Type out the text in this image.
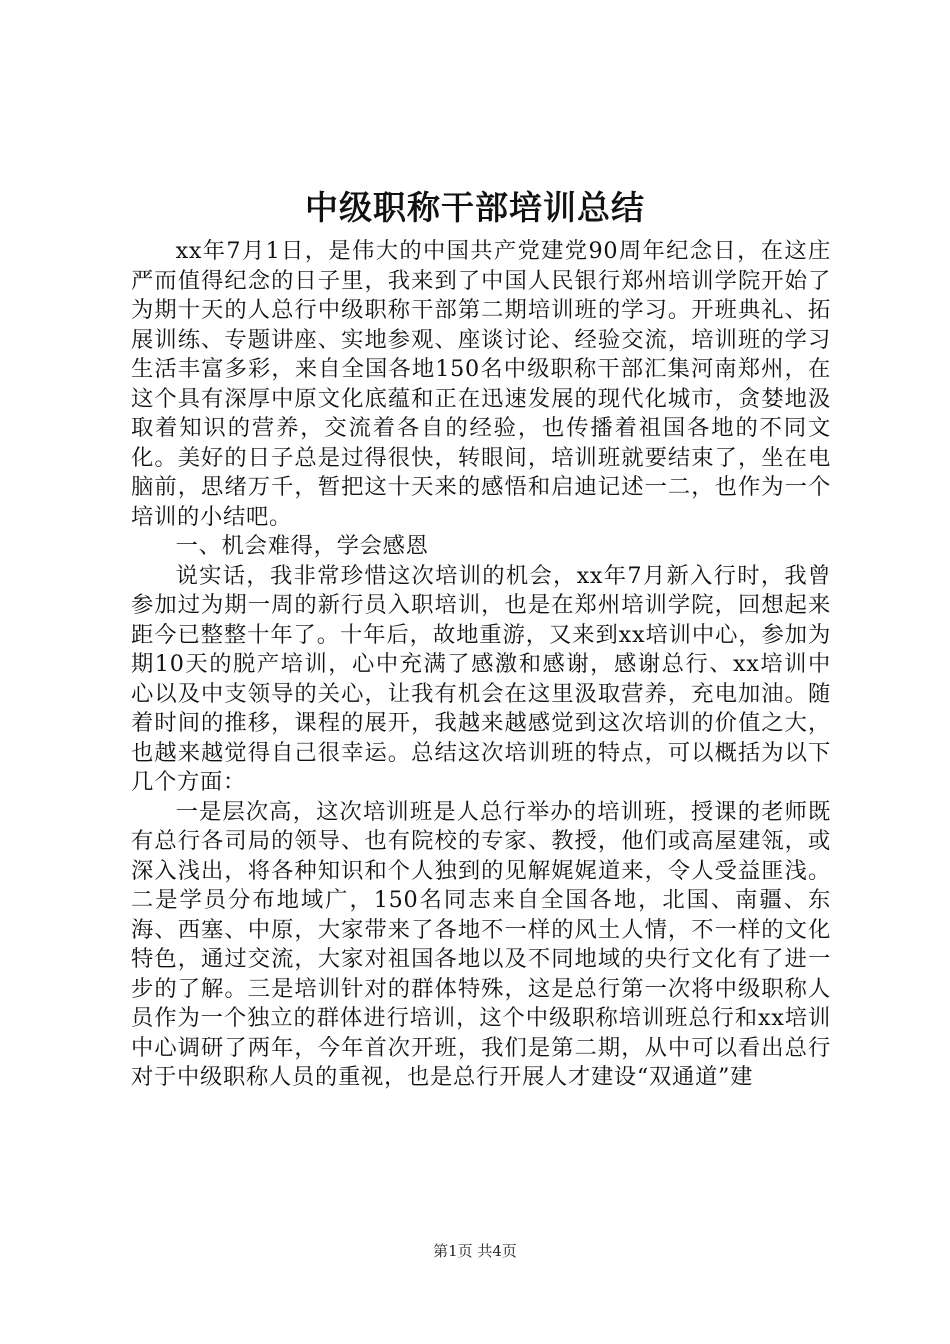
中级职称干部培训总结

xx年7月1日，是伟大的中国共产党建党90周年纪念日，在这庄严而值得纪念的日子里，我来到了中国人民银行郑州培训学院开始了为期十天的人总行中级职称干部第二期培训班的学习。开班典礼、拓展训练、专题讲座、实地参观、座谈讨论、经验交流，培训班的学习生活丰富多彩，来自全国各地150名中级职称干部汇集河南郑州，在这个具有深厚中原文化底蕴和正在迅速发展的现代化城市，贪婪地汲取着知识的营养，交流着各自的经验，也传播着祖国各地的不同文化。美好的日子总是过得很快，转眼间，培训班就要结束了，坐在电脑前，思绪万千，暂把这十天来的感悟和启迪记述一二，也作为一个培训的小结吧。

一、机会难得，学会感恩

说实话，我非常珍惜这次培训的机会，xx年7月新入行时，我曾参加过为期一周的新行员入职培训，也是在郑州培训学院，回想起来距今已整整十年了。十年后，故地重游，又来到xx培训中心，参加为期10天的脱产培训，心中充满了感激和感谢，感谢总行、xx培训中心以及中支领导的关心，让我有机会在这里汲取营养，充电加油。随着时间的推移，课程的展开，我越来越感觉到这次培训的价值之大，也越来越觉得自己很幸运。总结这次培训班的特点，可以概括为以下几个方面：

一是层次高，这次培训班是人总行举办的培训班，授课的老师既有总行各司局的领导、也有院校的专家、教授，他们或高屋建瓴，或深入浅出，将各种知识和个人独到的见解娓娓道来，令人受益匪浅。二是学员分布地域广，150名同志来自全国各地，北国、南疆、东海、西塞、中原，大家带来了各地不一样的风土人情，不一样的文化特色，通过交流，大家对祖国各地以及不同地域的央行文化有了进一步的了解。三是培训针对的群体特殊，这是总行第一次将中级职称人员作为一个独立的群体进行培训，这个中级职称培训班总行和xx培训中心调研了两年，今年首次开班，我们是第二期，从中可以看出总行对于中级职称人员的重视，也是总行开展人才建设“双通道”建

第1页 共4页
